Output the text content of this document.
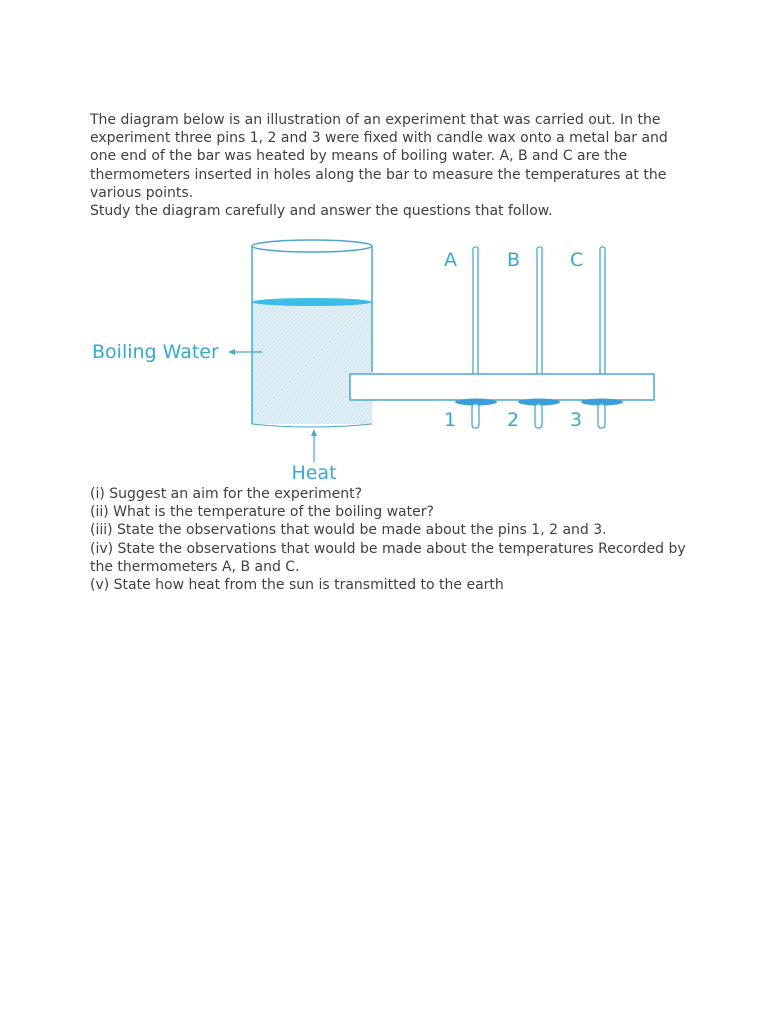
The diagram below is an illustration of an experiment that was carried out. In the experiment three pins 1, 2 and 3 were fixed with candle wax onto a metal bar and one end of the bar was heated by means of boiling water. A, B and C are the thermometers inserted in holes along the bar to measure the temperatures at the various points.

Study the diagram carefully and answer the questions that follow.

Boiling Water
Heat
A	B	C
1	2	3

(i) Suggest an aim for the experiment?

(ii) What is the temperature of the boiling water?

(iii) State the observations that would be made about the pins 1, 2 and 3.

(iv) State the observations that would be made about the temperatures Recorded by the thermometers A, B and C.

(v) State how heat from the sun is transmitted to the earth
